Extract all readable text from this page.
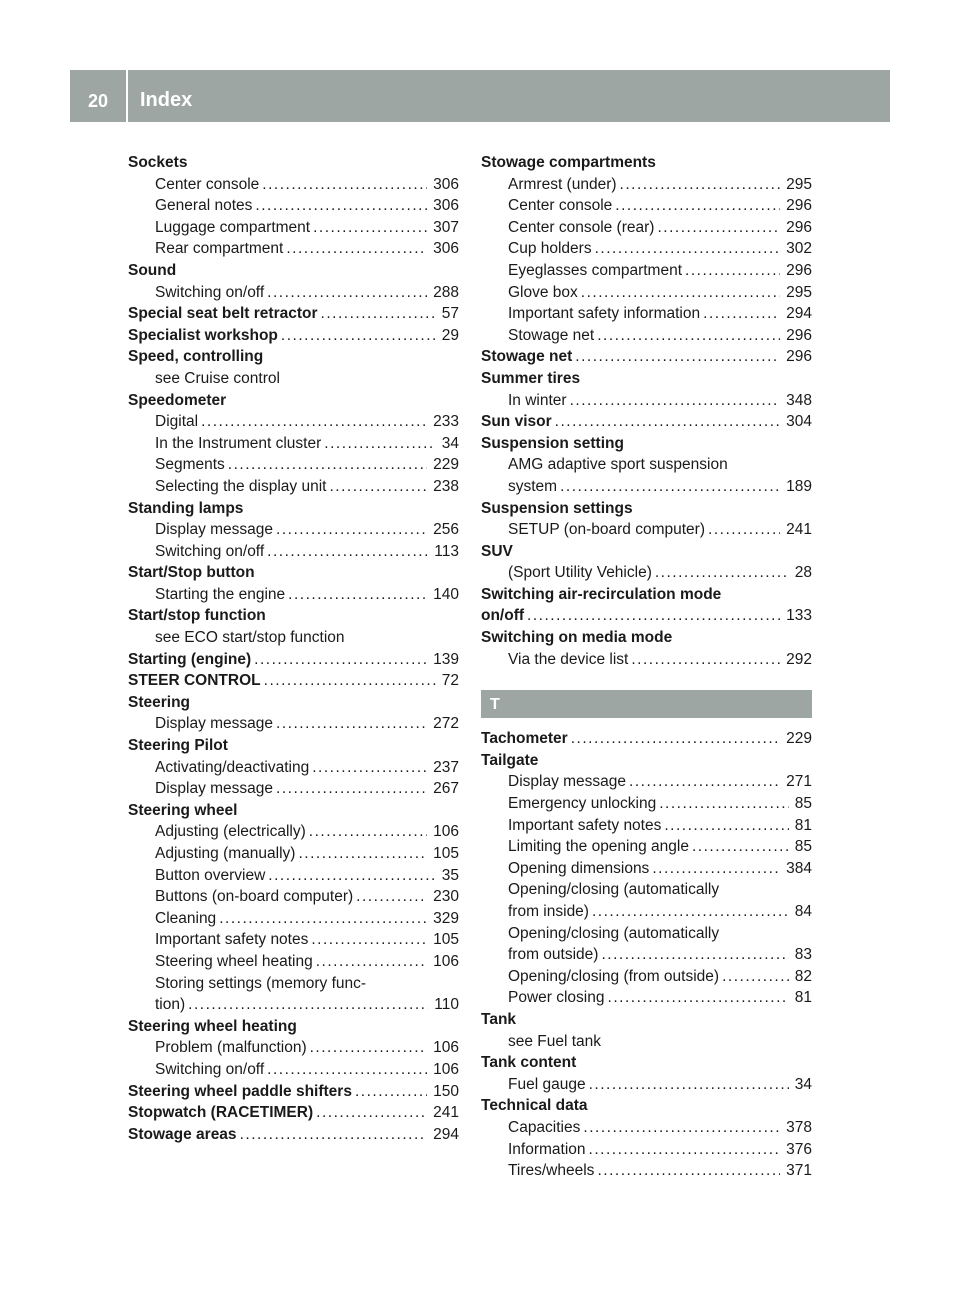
20	Index
Sockets
Center console . . .	306
General notes . . .	306
Luggage compartment . . .	307
Rear compartment . . .	306
Sound
Switching on/off . . .	288
Special seat belt retractor . . .	57
Specialist workshop . . .	29
Speed, controlling
see Cruise control
Speedometer
Digital . . .	233
In the Instrument cluster . . .	34
Segments . . .	229
Selecting the display unit . . .	238
Standing lamps
Display message . . .	256
Switching on/off . . .	113
Start/Stop button
Starting the engine . . .	140
Start/stop function
see ECO start/stop function
Starting (engine) . . .	139
STEER CONTROL . . .	72
Steering
Display message . . .	272
Steering Pilot
Activating/deactivating . . .	237
Display message . . .	267
Steering wheel
Adjusting (electrically) . . .	106
Adjusting (manually) . . .	105
Button overview . . .	35
Buttons (on-board computer) . . .	230
Cleaning . . .	329
Important safety notes . . .	105
Steering wheel heating . . .	106
Storing settings (memory func-
tion) . . .	110
Steering wheel heating
Problem (malfunction) . . .	106
Switching on/off . . .	106
Steering wheel paddle shifters . . .	150
Stopwatch (RACETIMER) . . .	241
Stowage areas . . .	294
Stowage compartments
Armrest (under) . . .	295
Center console . . .	296
Center console (rear) . . .	296
Cup holders . . .	302
Eyeglasses compartment . . .	296
Glove box . . .	295
Important safety information . . .	294
Stowage net . . .	296
Stowage net . . .	296
Summer tires
In winter . . .	348
Sun visor . . .	304
Suspension setting
AMG adaptive sport suspension
system . . .	189
Suspension settings
SETUP (on-board computer) . . .	241
SUV
(Sport Utility Vehicle) . . .	28
Switching air-recirculation mode
on/off . . .	133
Switching on media mode
Via the device list . . .	292
T
Tachometer . . .	229
Tailgate
Display message . . .	271
Emergency unlocking . . .	85
Important safety notes . . .	81
Limiting the opening angle . . .	85
Opening dimensions . . .	384
Opening/closing (automatically
from inside) . . .	84
Opening/closing (automatically
from outside) . . .	83
Opening/closing (from outside) . . .	82
Power closing . . .	81
Tank
see Fuel tank
Tank content
Fuel gauge . . .	34
Technical data
Capacities . . .	378
Information . . .	376
Tires/wheels . . .	371
